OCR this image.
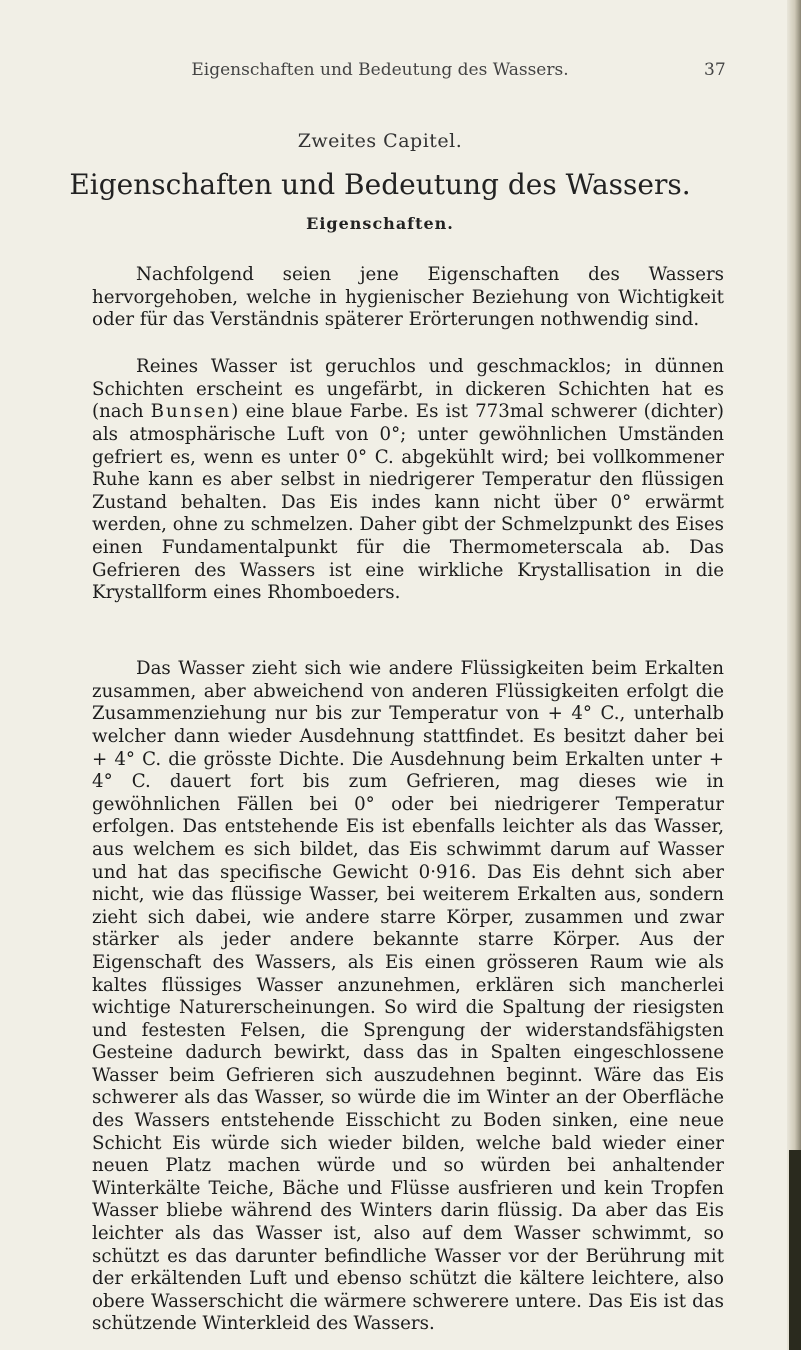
Eigenschaften und Bedeutung des Wassers.	37
Zweites Capitel.
Eigenschaften und Bedeutung des Wassers.
Eigenschaften.

Nachfolgend seien jene Eigenschaften des Wassers hervorgehoben, welche in hygienischer Beziehung von Wichtigkeit oder für das Verständnis späterer Erörterungen nothwendig sind.

Reines Wasser ist geruchlos und geschmacklos; in dünnen Schichten erscheint es ungefärbt, in dickeren Schichten hat es (nach Bunsen) eine blaue Farbe. Es ist 773mal schwerer (dichter) als atmosphärische Luft von 0°; unter gewöhnlichen Umständen gefriert es, wenn es unter 0° C. abgekühlt wird; bei vollkommener Ruhe kann es aber selbst in niedrigerer Temperatur den flüssigen Zustand behalten. Das Eis indes kann nicht über 0° erwärmt werden, ohne zu schmelzen. Daher gibt der Schmelzpunkt des Eises einen Fundamentalpunkt für die Thermometerscala ab. Das Gefrieren des Wassers ist eine wirkliche Krystallisation in die Krystallform eines Rhomboeders.

Das Wasser zieht sich wie andere Flüssigkeiten beim Erkalten zusammen, aber abweichend von anderen Flüssigkeiten erfolgt die Zusammenziehung nur bis zur Temperatur von + 4° C., unterhalb welcher dann wieder Ausdehnung stattfindet. Es besitzt daher bei + 4° C. die grösste Dichte. Die Ausdehnung beim Erkalten unter + 4° C. dauert fort bis zum Gefrieren, mag dieses wie in gewöhnlichen Fällen bei 0° oder bei niedrigerer Temperatur erfolgen. Das entstehende Eis ist ebenfalls leichter als das Wasser, aus welchem es sich bildet, das Eis schwimmt darum auf Wasser und hat das specifische Gewicht 0·916. Das Eis dehnt sich aber nicht, wie das flüssige Wasser, bei weiterem Erkalten aus, sondern zieht sich dabei, wie andere starre Körper, zusammen und zwar stärker als jeder andere bekannte starre Körper. Aus der Eigenschaft des Wassers, als Eis einen grösseren Raum wie als kaltes flüssiges Wasser anzunehmen, erklären sich mancherlei wichtige Naturerscheinungen. So wird die Spaltung der riesigsten und festesten Felsen, die Sprengung der widerstandsfähigsten Gesteine dadurch bewirkt, dass das in Spalten eingeschlossene Wasser beim Gefrieren sich auszudehnen beginnt. Wäre das Eis schwerer als das Wasser, so würde die im Winter an der Oberfläche des Wassers entstehende Eisschicht zu Boden sinken, eine neue Schicht Eis würde sich wieder bilden, welche bald wieder einer neuen Platz machen würde und so würden bei anhaltender Winterkälte Teiche, Bäche und Flüsse ausfrieren und kein Tropfen Wasser bliebe während des Winters darin flüssig. Da aber das Eis leichter als das Wasser ist, also auf dem Wasser schwimmt, so schützt es das darunter befindliche Wasser vor der Berührung mit der erkältenden Luft und ebenso schützt die kältere leichtere, also obere Wasserschicht die wärmere schwerere untere. Das Eis ist das schützende Winterkleid des Wassers.
